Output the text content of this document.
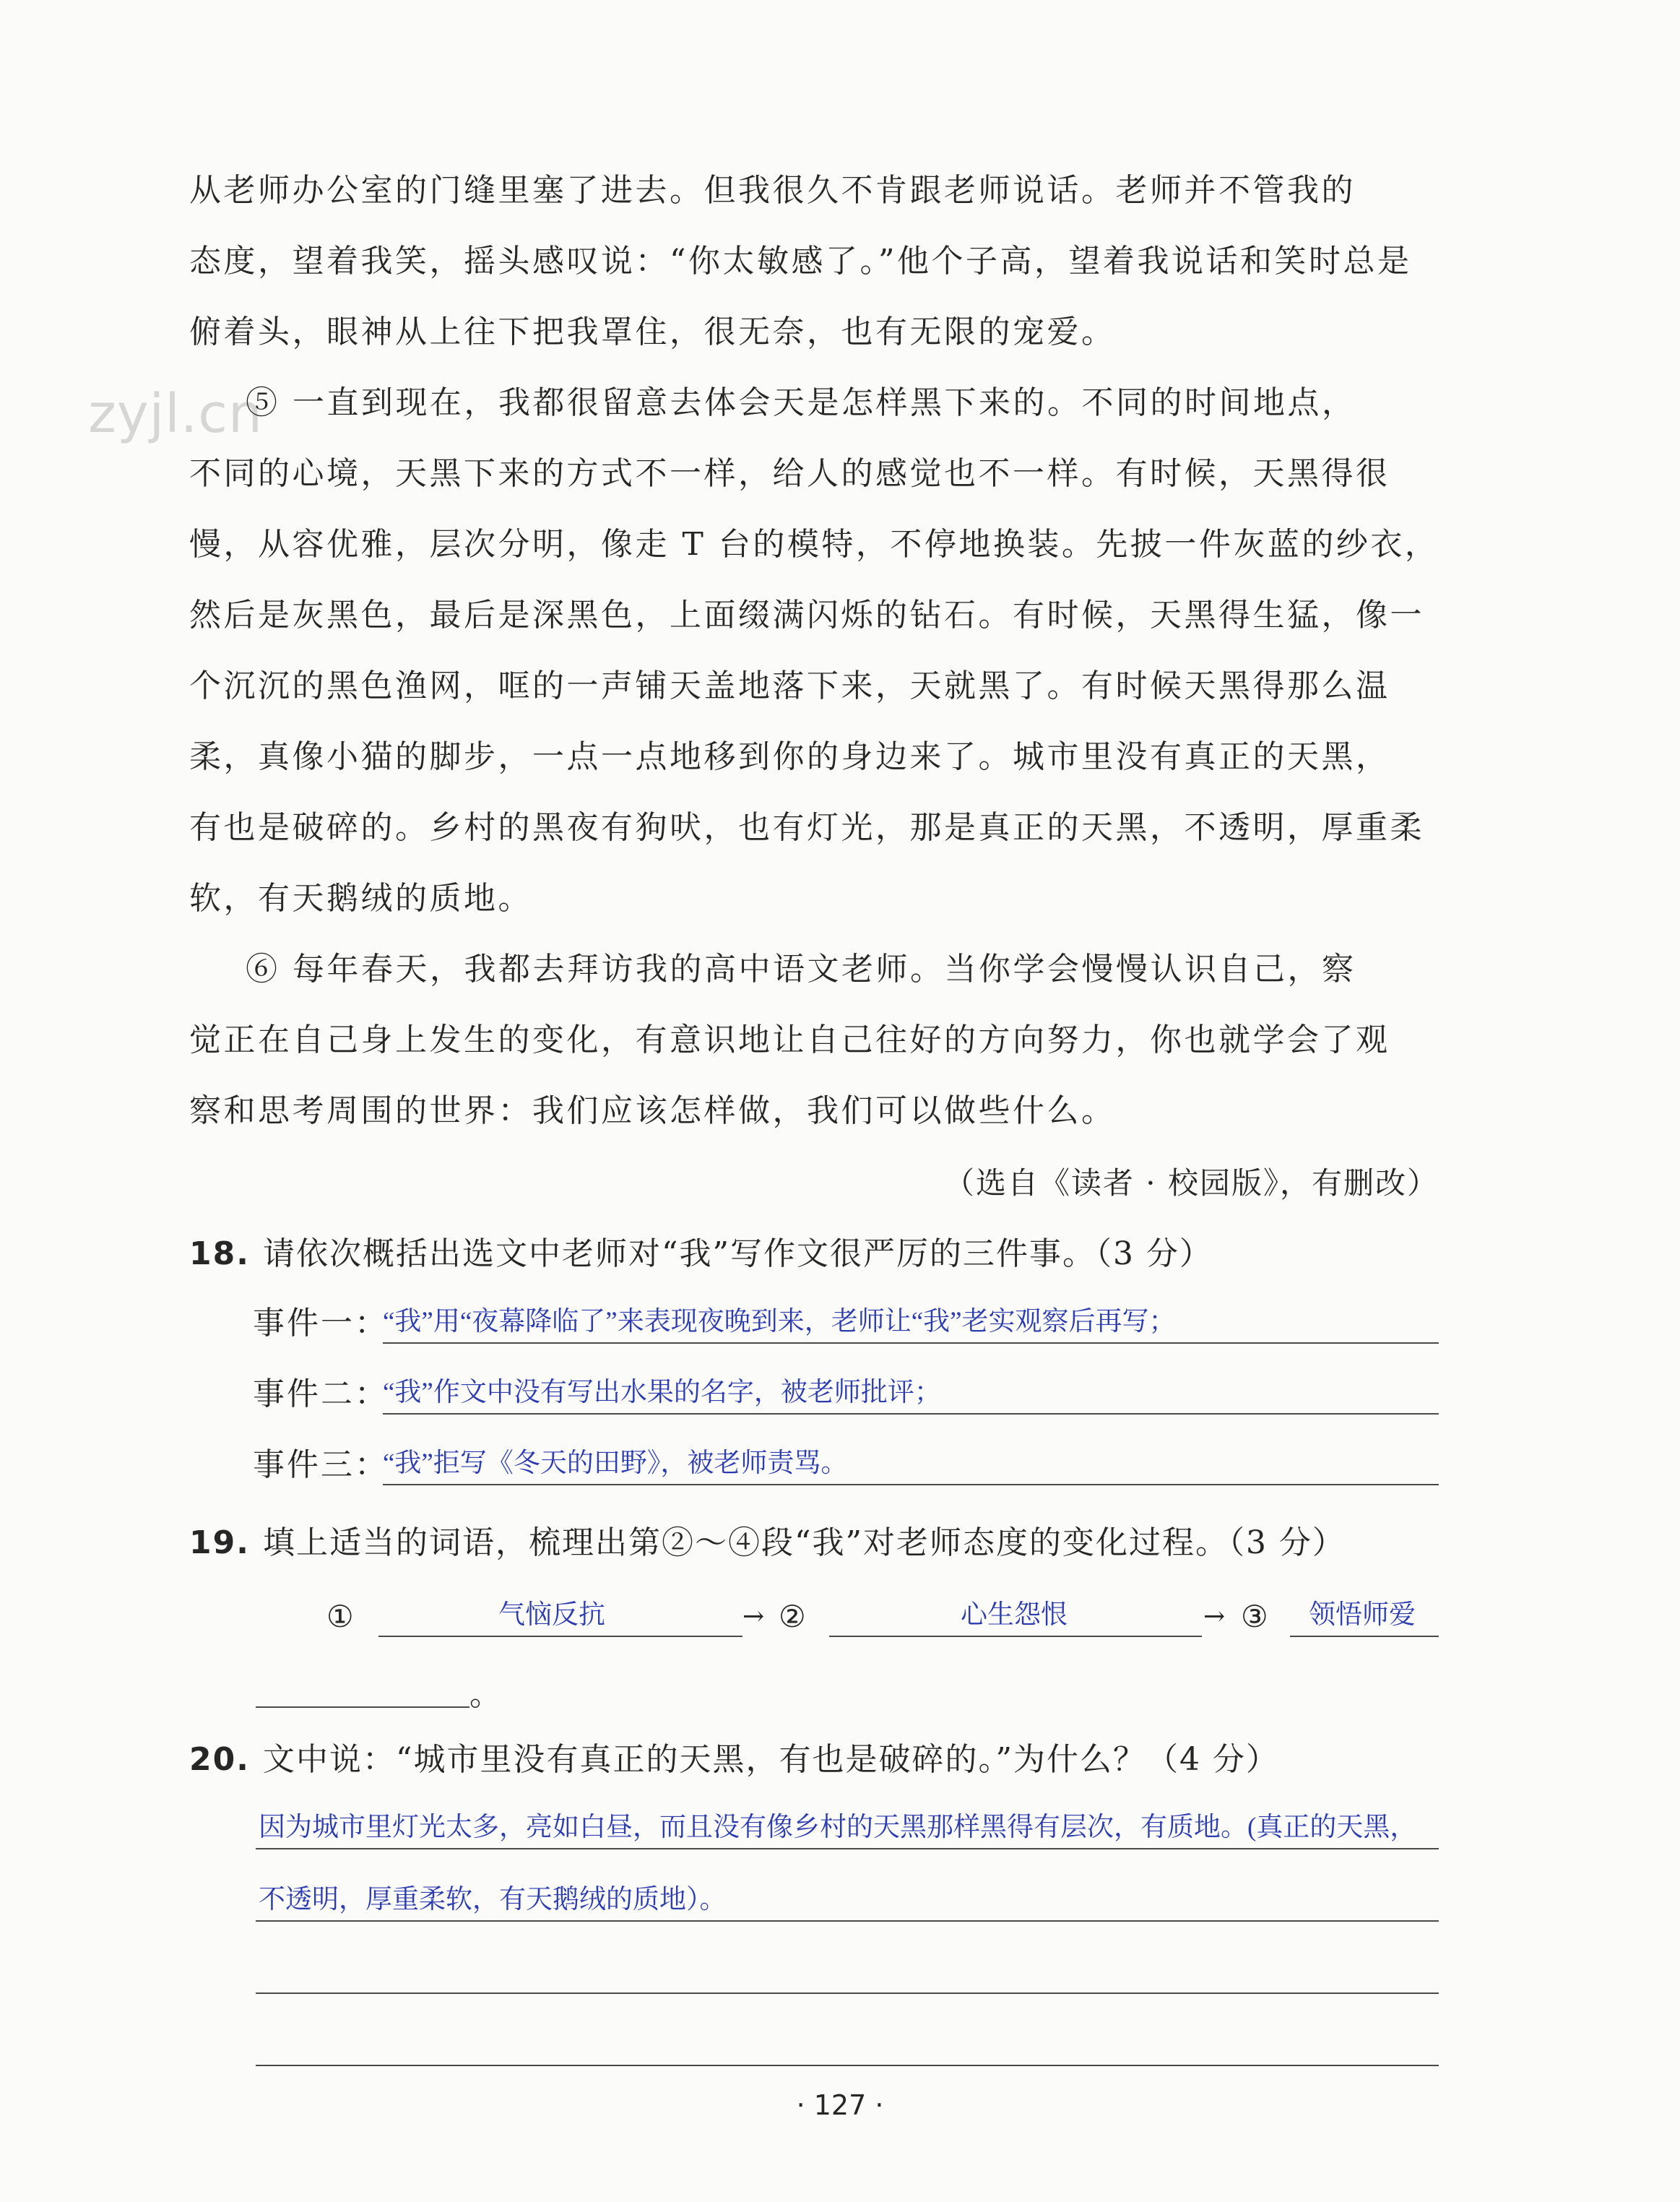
zyjl.cn
从老师办公室的门缝里塞了进去。但我很久不肯跟老师说话。老师并不管我的
态度，望着我笑，摇头感叹说：“你太敏感了。”他个子高，望着我说话和笑时总是
俯着头，眼神从上往下把我罩住，很无奈，也有无限的宠爱。
⑤ 一直到现在，我都很留意去体会天是怎样黑下来的。不同的时间地点，
不同的心境，天黑下来的方式不一样，给人的感觉也不一样。有时候，天黑得很
慢，从容优雅，层次分明，像走 T 台的模特，不停地换装。先披一件灰蓝的纱衣，
然后是灰黑色，最后是深黑色，上面缀满闪烁的钻石。有时候，天黑得生猛，像一
个沉沉的黑色渔网，哐的一声铺天盖地落下来，天就黑了。有时候天黑得那么温
柔，真像小猫的脚步，一点一点地移到你的身边来了。城市里没有真正的天黑，
有也是破碎的。乡村的黑夜有狗吠，也有灯光，那是真正的天黑，不透明，厚重柔
软，有天鹅绒的质地。
⑥ 每年春天，我都去拜访我的高中语文老师。当你学会慢慢认识自己，察
觉正在自己身上发生的变化，有意识地让自己往好的方向努力，你也就学会了观
察和思考周围的世界：我们应该怎样做，我们可以做些什么。
（选自《读者 · 校园版》，有删改）
18. 请依次概括出选文中老师对“我”写作文很严厉的三件事。（3 分）
事件一：
“我”用“夜幕降临了”来表现夜晚到来，老师让“我”老实观察后再写；
事件二：
“我”作文中没有写出水果的名字，被老师批评；
事件三：
“我”拒写《冬天的田野》，被老师责骂。
19. 填上适当的词语，梳理出第②～④段“我”对老师态度的变化过程。（3 分）
①	气恼反抗	→ ②	心生怨恨	→ ③ 领悟师爱
。
20. 文中说：“城市里没有真正的天黑，有也是破碎的。”为什么？（4 分）
因为城市里灯光太多，亮如白昼，而且没有像乡村的天黑那样黑得有层次，有质地。(真正的天黑，
不透明，厚重柔软，有天鹅绒的质地）。
· 127 ·
